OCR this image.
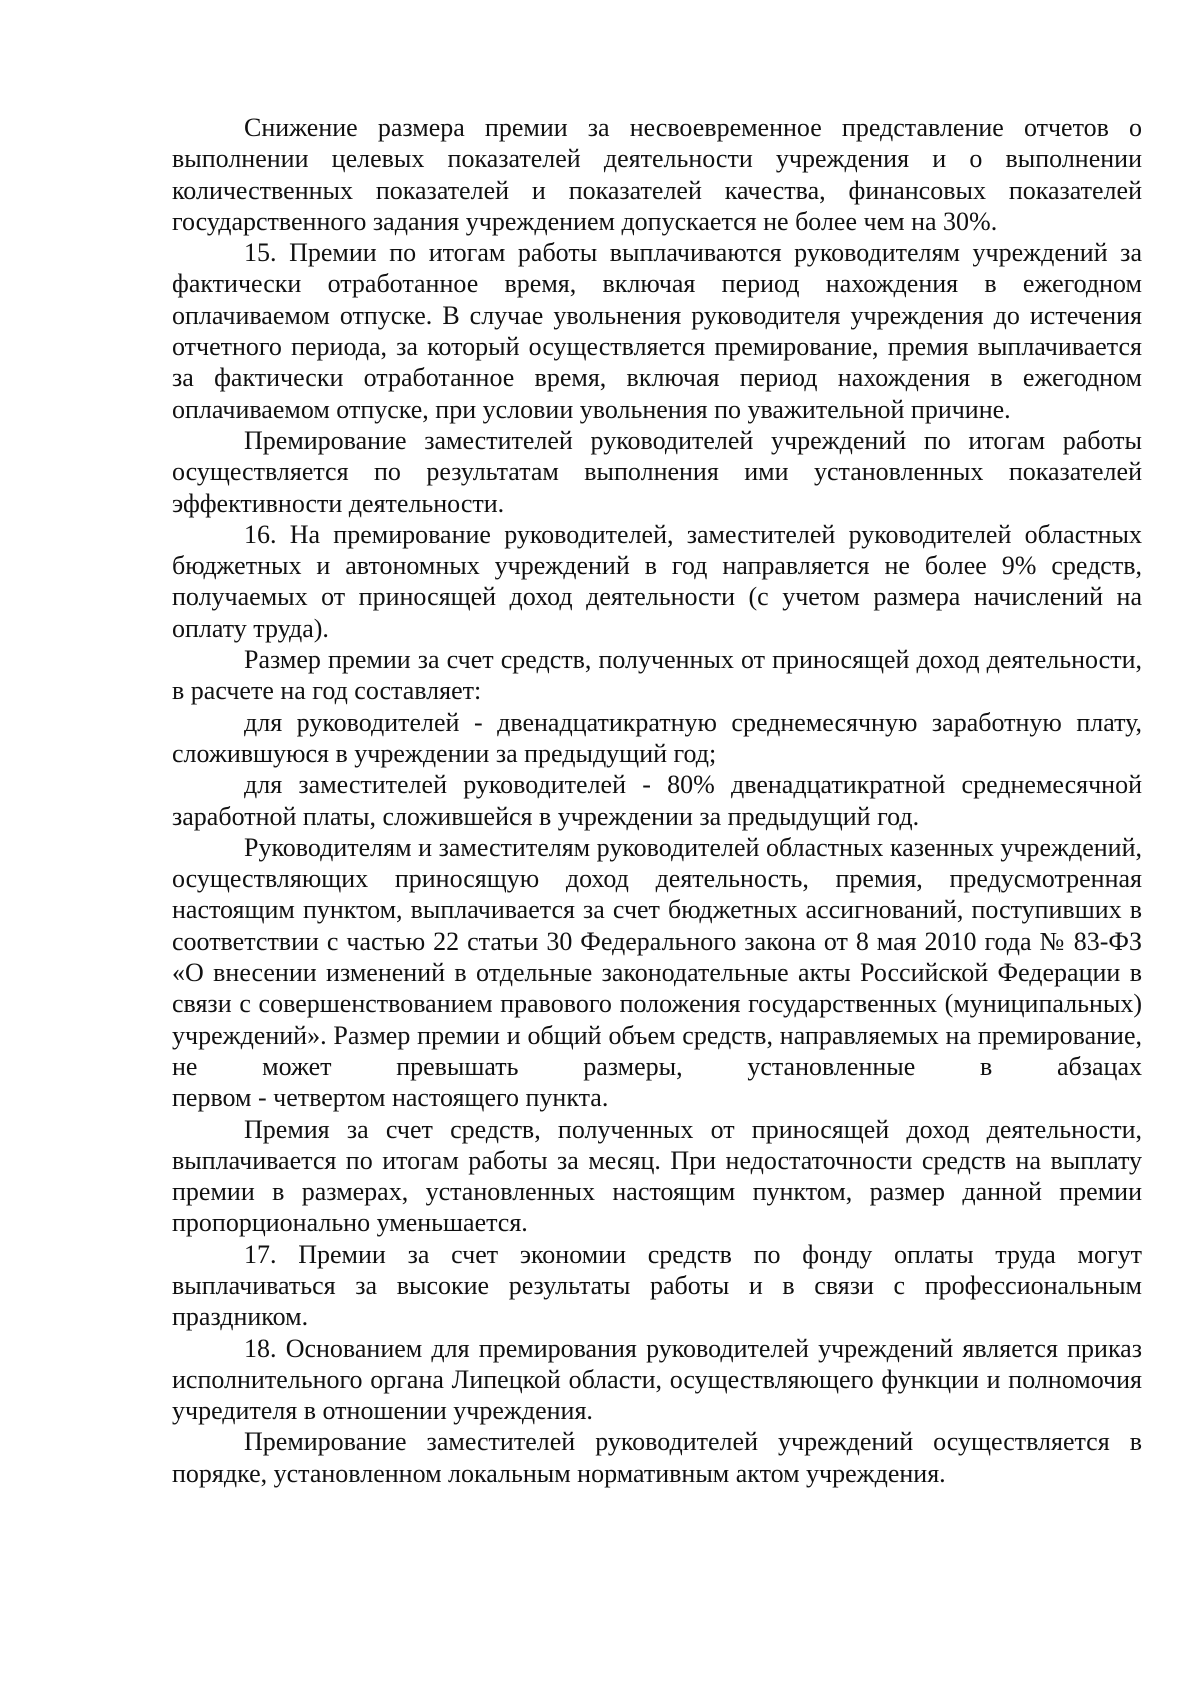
Снижение размера премии за несвоевременное представление отчетов о выполнении целевых показателей деятельности учреждения и о выполнении количественных показателей и показателей качества, финансовых показателей государственного задания учреждением допускается не более чем на 30%.

15. Премии по итогам работы выплачиваются руководителям учреждений за фактически отработанное время, включая период нахождения в ежегодном оплачиваемом отпуске. В случае увольнения руководителя учреждения до истечения отчетного периода, за который осуществляется премирование, премия выплачивается за фактически отработанное время, включая период нахождения в ежегодном оплачиваемом отпуске, при условии увольнения по уважительной причине.

Премирование заместителей руководителей учреждений по итогам работы осуществляется по результатам выполнения ими установленных показателей эффективности деятельности.

16. На премирование руководителей, заместителей руководителей областных бюджетных и автономных учреждений в год направляется не более 9% средств, получаемых от приносящей доход деятельности (с учетом размера начислений на оплату труда).

Размер премии за счет средств, полученных от приносящей доход деятельности, в расчете на год составляет:

для руководителей - двенадцатикратную среднемесячную заработную плату, сложившуюся в учреждении за предыдущий год;

для заместителей руководителей - 80% двенадцатикратной среднемесячной заработной платы, сложившейся в учреждении за предыдущий год.

Руководителям и заместителям руководителей областных казенных учреждений, осуществляющих приносящую доход деятельность, премия, предусмотренная настоящим пунктом, выплачивается за счет бюджетных ассигнований, поступивших в соответствии с частью 22 статьи 30 Федерального закона от 8 мая 2010 года № 83-ФЗ «О внесении изменений в отдельные законодательные акты Российской Федерации в связи с совершенствованием правового положения государственных (муниципальных) учреждений». Размер премии и общий объем средств, направляемых на премирование, не может превышать размеры, установленные в абзацах

первом - четвертом настоящего пункта.

Премия за счет средств, полученных от приносящей доход деятельности, выплачивается по итогам работы за месяц. При недостаточности средств на выплату премии в размерах, установленных настоящим пунктом, размер данной премии пропорционально уменьшается.

17. Премии за счет экономии средств по фонду оплаты труда могут выплачиваться за высокие результаты работы и в связи с профессиональным праздником.

18. Основанием для премирования руководителей учреждений является приказ исполнительного органа Липецкой области, осуществляющего функции и полномочия учредителя в отношении учреждения.

Премирование заместителей руководителей учреждений осуществляется в порядке, установленном локальным нормативным актом учреждения.
